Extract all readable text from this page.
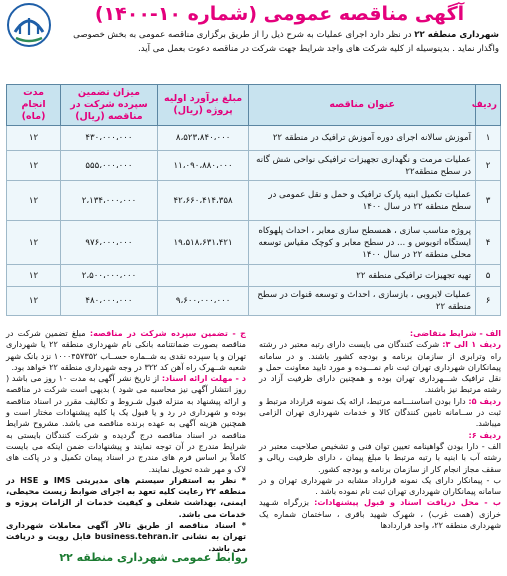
آگهی مناقصه عمومی (شماره ۱۰-۱۴۰۰)
شهرداری منطقه ۲۲ در نظر دارد اجرای عملیات به شرح ذیل را از طریق برگزاری مناقصه عمومی به بخش خصوصی واگذار نماید . بدینوسیله از کلیه شرکت های واجد شرایط جهت شرکت در مناقصه دعوت بعمل می آید.
ردیف	عنوان مناقصه	مبلغ برآورد اولیه پروژه (ریال)	میزان تضمین سپرده شرکت در مناقصه (ریال)	مدت انجام (ماه)
۱	آموزش سالانه اجرای دوره آموزش ترافیک در منطقه ۲۲	۸،۵۲۳،۸۴۰،۰۰۰	۴۳۰،۰۰۰،۰۰۰	۱۲
۲	عملیات مرمت و نگهداری تجهیزات ترافیکی نواحی شش گانه در سطح منطقه۲۲	۱۱،۰۹۰،۸۸۰،۰۰۰	۵۵۵،۰۰۰،۰۰۰	۱۲
۳	عملیات تکمیل ابنیه پارک ترافیک و حمل و نقل عمومی در سطح منطقه ۲۲ در سال ۱۴۰۰	۴۲،۶۶۰،۴۱۴،۳۵۸	۲،۱۳۴،۰۰۰،۰۰۰	۱۲
۴	پروژه مناسب سازی ، همسطح سازی معابر ، احداث پلهوکاه ایستگاه اتوبوس و ... در سطح معابر و کوچک مقیاس توسعه محلی منطقه ۲۲ در سال ۱۴۰۰	۱۹،۵۱۸،۶۳۱،۴۲۱	۹۷۶،۰۰۰،۰۰۰	۱۲
۵	تهیه تجهیزات ترافیکی منطقه ۲۲		۲،۵۰۰،۰۰۰،۰۰۰	۱۲
۶	عملیات لایروبی ، بازسازی ، احداث و توسعه قنوات در سطح منطقه ۲۲	۹،۶۰۰،۰۰۰،۰۰۰	۴۸۰،۰۰۰،۰۰۰	۱۲
الف - شرایط متقاضی:
ردیف ۱ الی ۳: شرکت کنندگان می بایست دارای رتبه معتبر در رشته راه وترابری از سازمان برنامه و بودجه کشور باشند. و در سامانه پیمانکاران شهرداری تهران ثبت نام نمـــوده و مورد تایید معاونت حمل و نقل ترافیک شـــهرداری تهران بوده و همچنین دارای ظرفیت آزاد در رشته مرتبط نیز باشند.
ردیف ۵: دارا بودن اساسنـــامه مرتبط، ارائه یک نمونه قرارداد مرتبط و ثبت در ســامانه تامین کنندگان کالا و خدمات شهرداری تهران الزامی میباشد.
ردیف ۶:
الف - دارا بودن گواهینامه تعیین توان فنی و تشخیص صلاحیت معتبر در رشته آب با ابنیه با رتبه مرتبط با مبلغ پیمان ، دارای ظرفیت ریالی و سقف مجاز انجام کار از سازمان برنامه و بودجه کشور.
ب - پیمانکار دارای یک نمونه قرارداد مشابه در شهرداری تهران و در سامانه پیمانکاران شهرداری تهران ثبت نام نموده باشد .
ب - محل دریافت اسناد و قبول پیشنهادات: بزرگراه شـهید خرازی (همت غرب) ، شهرک شهید باقری ، ساختمان شماره یک شهرداری منطقه ۲۲، واحد قراردادها
ج - تضمین سپرده شرکت در مناقصه: مبلغ تضمین شرکت در مناقصه بصورت ضمانتنامه بانکی نام شهرداری منطقه ۲۲ یا شهرداری تهران و یا سپرده نقدی به شــماره حســاب ۱۰۰۰۴۵۷۳۵۲ نزد بانک شهر شعبه شــهرک راه آهن کد ۳۲۲ در وجه شهرداری منطقه ۲۲ خواهد بود.
د - مهلت ارائه اسناد: از تاریخ نشر آگهی به مدت ۱۰ روز می باشد ( روز انتشار آگهی نیز محاسبه می شود ) بدیهی است شرکت در مناقصه و ارائه پیشنهاد به منزله قبول شـروط و تکالیف مقرر در اسناد مناقصه بوده و شهرداری در رد و یا قبول یک یا کلیه پیشنهادات مختار است و همچنین هزینه آگهی به عهده برنده مناقصه می باشد. مشروح شرایط مناقصه در اسناد مناقصه درج گردیده و شرکت کنندگان بایستی به شرایط مندرج در آن توجه نمایند و پیشنهادات ضمن اینکه می بایست کاملاً بر اساس فرم های مندرج در اسناد پیمان تکمیل و در پاکت های لاک و مهر شده تحویل نمایند.
* نظر به استقرار سیستم های مدیریتی IMS و HSE در منطقه ۲۲ رعایت کلیه تعهد به اجرای ضوابط زیست محیطی، ایمنی، بهداشت شغلی و کیفیت خدمات از الزامات پروژه و خدمات می باشد.
* اسناد مناقصه از طریق تالار آگهی معاملات شهرداری تهران به نشانی business.tehran.ir قابل رویت و دریافت می باشد.
روابط عمومی شهرداری منطقه ۲۲
